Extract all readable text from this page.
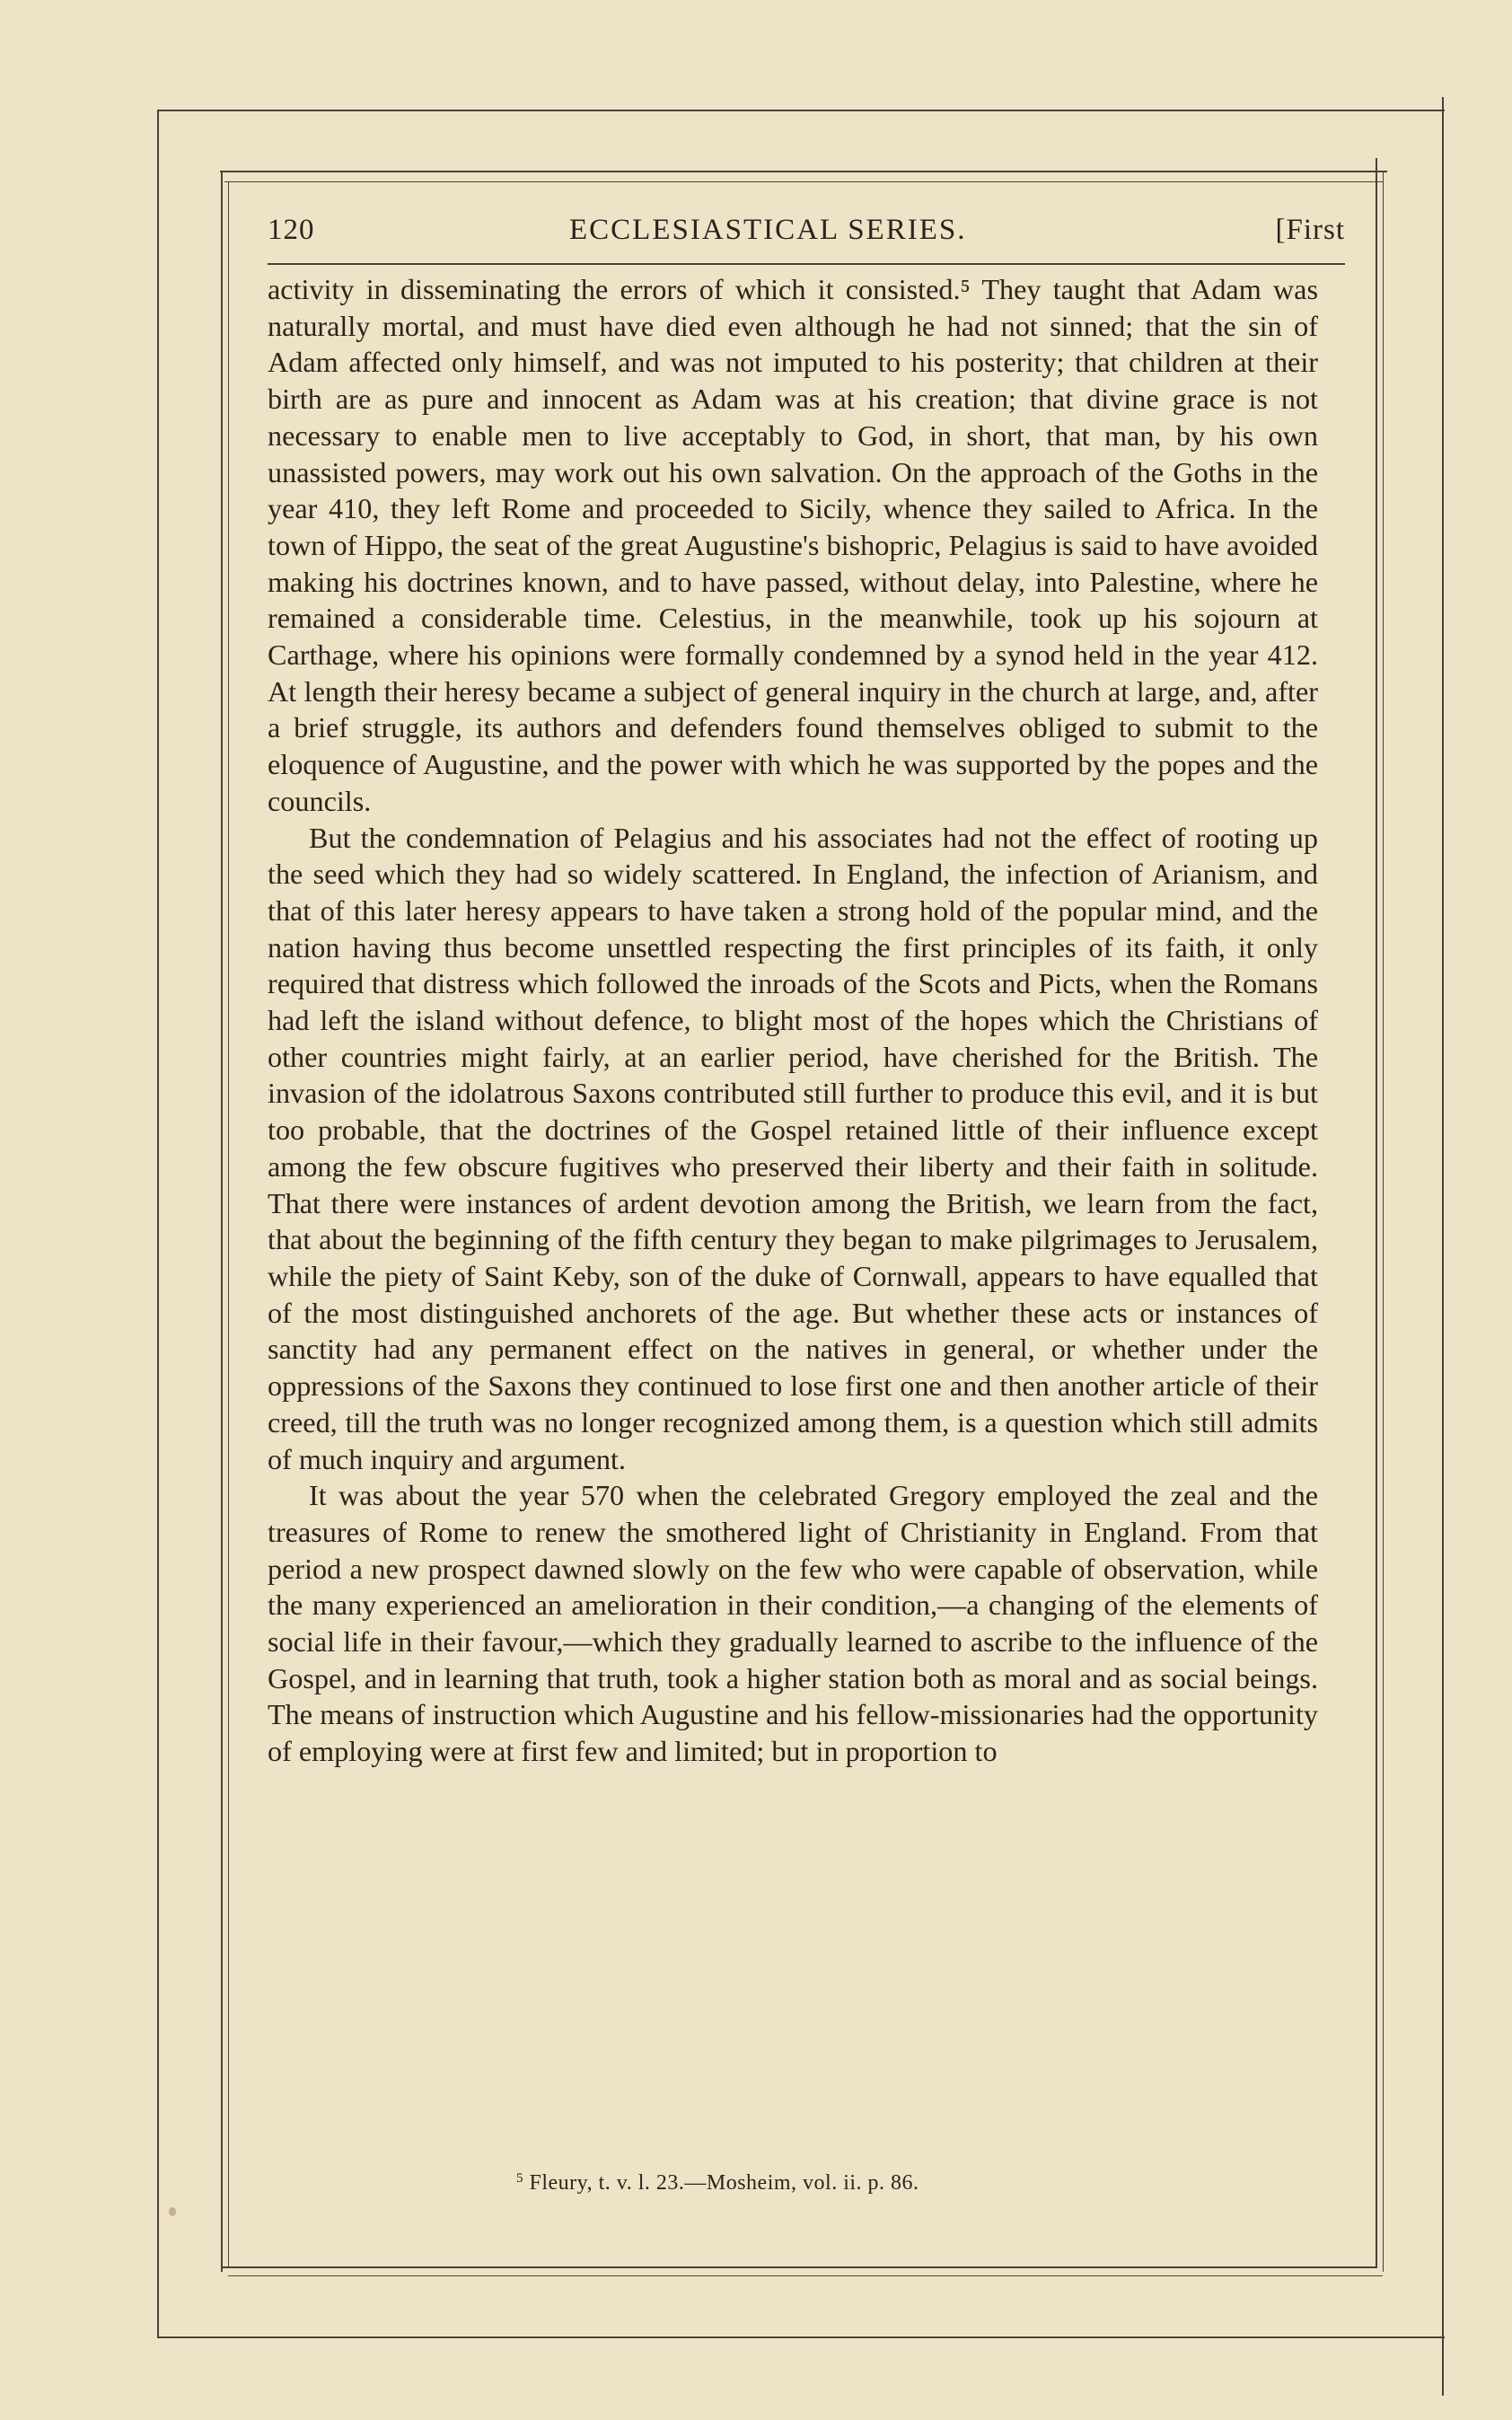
120	ECCLESIASTICAL SERIES.	[First

activity in disseminating the errors of which it consisted.⁵ They taught that Adam was naturally mortal, and must have died even although he had not sinned; that the sin of Adam affected only himself, and was not imputed to his posterity; that children at their birth are as pure and innocent as Adam was at his creation; that divine grace is not necessary to enable men to live acceptably to God, in short, that man, by his own unassisted powers, may work out his own salvation. On the approach of the Goths in the year 410, they left Rome and proceeded to Sicily, whence they sailed to Africa. In the town of Hippo, the seat of the great Augustine's bishopric, Pelagius is said to have avoided making his doctrines known, and to have passed, without delay, into Palestine, where he remained a considerable time. Celestius, in the meanwhile, took up his sojourn at Carthage, where his opinions were formally condemned by a synod held in the year 412. At length their heresy became a subject of general inquiry in the church at large, and, after a brief struggle, its authors and defenders found themselves obliged to submit to the eloquence of Augustine, and the power with which he was supported by the popes and the councils.

But the condemnation of Pelagius and his associates had not the effect of rooting up the seed which they had so widely scattered. In England, the infection of Arianism, and that of this later heresy appears to have taken a strong hold of the popular mind, and the nation having thus become unsettled respecting the first principles of its faith, it only required that distress which followed the inroads of the Scots and Picts, when the Romans had left the island without defence, to blight most of the hopes which the Christians of other countries might fairly, at an earlier period, have cherished for the British. The invasion of the idolatrous Saxons contributed still further to produce this evil, and it is but too probable, that the doctrines of the Gospel retained little of their influence except among the few obscure fugitives who preserved their liberty and their faith in solitude. That there were instances of ardent devotion among the British, we learn from the fact, that about the beginning of the fifth century they began to make pilgrimages to Jerusalem, while the piety of Saint Keby, son of the duke of Cornwall, appears to have equalled that of the most distinguished anchorets of the age. But whether these acts or instances of sanctity had any permanent effect on the natives in general, or whether under the oppressions of the Saxons they continued to lose first one and then another article of their creed, till the truth was no longer recognized among them, is a question which still admits of much inquiry and argument.

It was about the year 570 when the celebrated Gregory employed the zeal and the treasures of Rome to renew the smothered light of Christianity in England. From that period a new prospect dawned slowly on the few who were capable of observation, while the many experienced an amelioration in their condition,—a changing of the elements of social life in their favour,—which they gradually learned to ascribe to the influence of the Gospel, and in learning that truth, took a higher station both as moral and as social beings. The means of instruction which Augustine and his fellow-missionaries had the opportunity of employing were at first few and limited; but in proportion to

$^5$ Fleury, t. v. l. 23.—Mosheim, vol. ii. p. 86.
